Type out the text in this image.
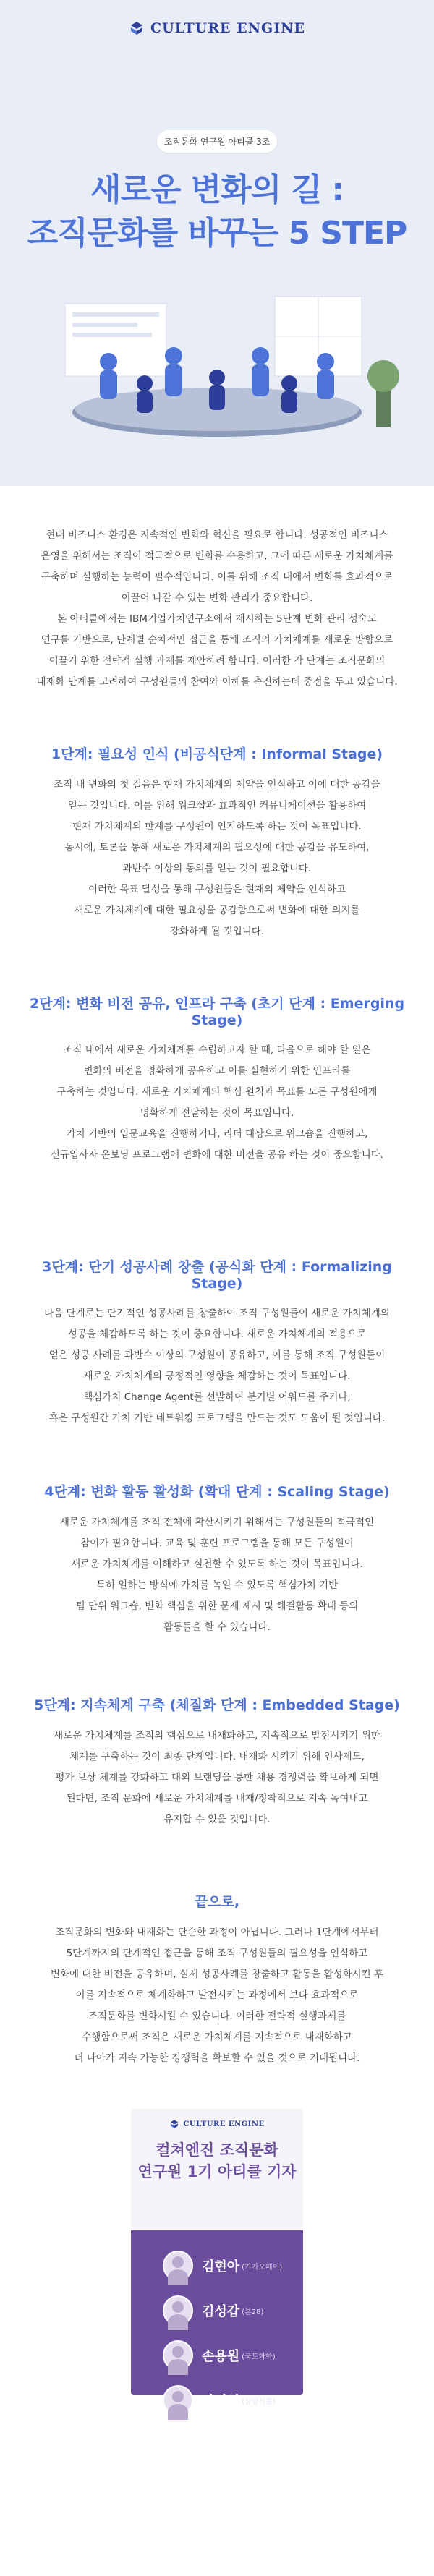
CULTURE ENGINE
조직문화 연구원 아티클 3조
새로운 변화의 길 :
조직문화를 바꾸는 5 STEP

현대 비즈니스 환경은 지속적인 변화와 혁신을 필요로 합니다. 성공적인 비즈니스
운영을 위해서는 조직이 적극적으로 변화를 수용하고, 그에 따른 새로운 가치체계를
구축하며 실행하는 능력이 필수적입니다. 이를 위해 조직 내에서 변화를 효과적으로
이끌어 나갈 수 있는 변화 관리가 중요합니다.

본 아티클에서는 IBM기업가치연구소에서 제시하는 5단계 변화 관리 성숙도
연구를 기반으로, 단계별 순차적인 접근을 통해 조직의 가치체계를 새로운 방향으로
이끌기 위한 전략적 실행 과제를 제안하려 합니다. 이러한 각 단계는 조직문화의
내재화 단계를 고려하여 구성원들의 참여와 이해를 촉진하는데 중점을 두고 있습니다.

1단계: 필요성 인식 (비공식단계 : Informal Stage)

조직 내 변화의 첫 걸음은 현재 가치체계의 제약을 인식하고 이에 대한 공감을
얻는 것입니다. 이를 위해 워크샵과 효과적인 커뮤니케이션을 활용하여
현재 가치체계의 한계를 구성원이 인지하도록 하는 것이 목표입니다.
동시에, 토론을 통해 새로운 가치체계의 필요성에 대한 공감을 유도하여,
과반수 이상의 동의를 얻는 것이 필요합니다.
이러한 목표 달성을 통해 구성원들은 현재의 제약을 인식하고
새로운 가치체계에 대한 필요성을 공감함으로써 변화에 대한 의지를
강화하게 될 것입니다.

2단계: 변화 비전 공유, 인프라 구축 (초기 단계 : Emerging Stage)

조직 내에서 새로운 가치체계를 수립하고자 할 때, 다음으로 해야 할 일은
변화의 비전을 명확하게 공유하고 이를 실현하기 위한 인프라를
구축하는 것입니다. 새로운 가치체계의 핵심 원칙과 목표를 모든 구성원에게
명확하게 전달하는 것이 목표입니다.
가치 기반의 입문교육을 진행하거나, 리더 대상으로 워크숍을 진행하고,
신규입사자 온보딩 프로그램에 변화에 대한 비전을 공유 하는 것이 중요합니다.

3단계: 단기 성공사례 창출 (공식화 단계 : Formalizing Stage)

다음 단계로는 단기적인 성공사례를 창출하여 조직 구성원들이 새로운 가치체계의
성공을 체감하도록 하는 것이 중요합니다. 새로운 가치체계의 적용으로
얻은 성공 사례를 과반수 이상의 구성원이 공유하고, 이를 통해 조직 구성원들이
새로운 가치체계의 긍정적인 영향을 체감하는 것이 목표입니다.
핵심가치 Change Agent를 선발하여 분기별 어워드를 주거나,
혹은 구성원간 가치 기반 네트워킹 프로그램을 만드는 것도 도움이 될 것입니다.

4단계: 변화 활동 활성화 (확대 단계 : Scaling Stage)

새로운 가치체계를 조직 전체에 확산시키기 위해서는 구성원들의 적극적인
참여가 필요합니다. 교육 및 훈련 프로그램을 통해 모든 구성원이
새로운 가치체계를 이해하고 실천할 수 있도록 하는 것이 목표입니다.
특히 일하는 방식에 가치를 녹일 수 있도록 핵심가치 기반
팀 단위 워크숍, 변화 핵심을 위한 문제 제시 및 해결활동 확대 등의
활동들을 할 수 있습니다.

5단계: 지속체계 구축 (체질화 단계 : Embedded Stage)

새로운 가치체계를 조직의 핵심으로 내재화하고, 지속적으로 발전시키기 위한
체계를 구축하는 것이 최종 단계입니다. 내재화 시키기 위해 인사제도,
평가 보상 체계를 강화하고 대외 브랜딩을 통한 채용 경쟁력을 확보하게 되면
된다면, 조직 문화에 새로운 가치체계를 내재/정착적으로 지속 녹여내고
유지할 수 있을 것입니다.

끝으로,

조직문화의 변화와 내재화는 단순한 과정이 아닙니다. 그러나 1단계에서부터
5단계까지의 단계적인 접근을 통해 조직 구성원들의 필요성을 인식하고
변화에 대한 비전을 공유하며, 실제 성공사례를 창출하고 활동을 활성화시킨 후
이를 지속적으로 체계화하고 발전시키는 과정에서 보다 효과적으로
조직문화를 변화시킬 수 있습니다. 이러한 전략적 실행과제를
수행함으로써 조직은 새로운 가치체계를 지속적으로 내재화하고
더 나아가 지속 가능한 경쟁력을 확보할 수 있을 것으로 기대됩니다.

CULTURE ENGINE
컬쳐엔진 조직문화
연구원 1기 아티클 기자
김현아 (카카오페이)
김성갑 (본28)
손용원 (국도화학)
차민선 (삼양식품)
